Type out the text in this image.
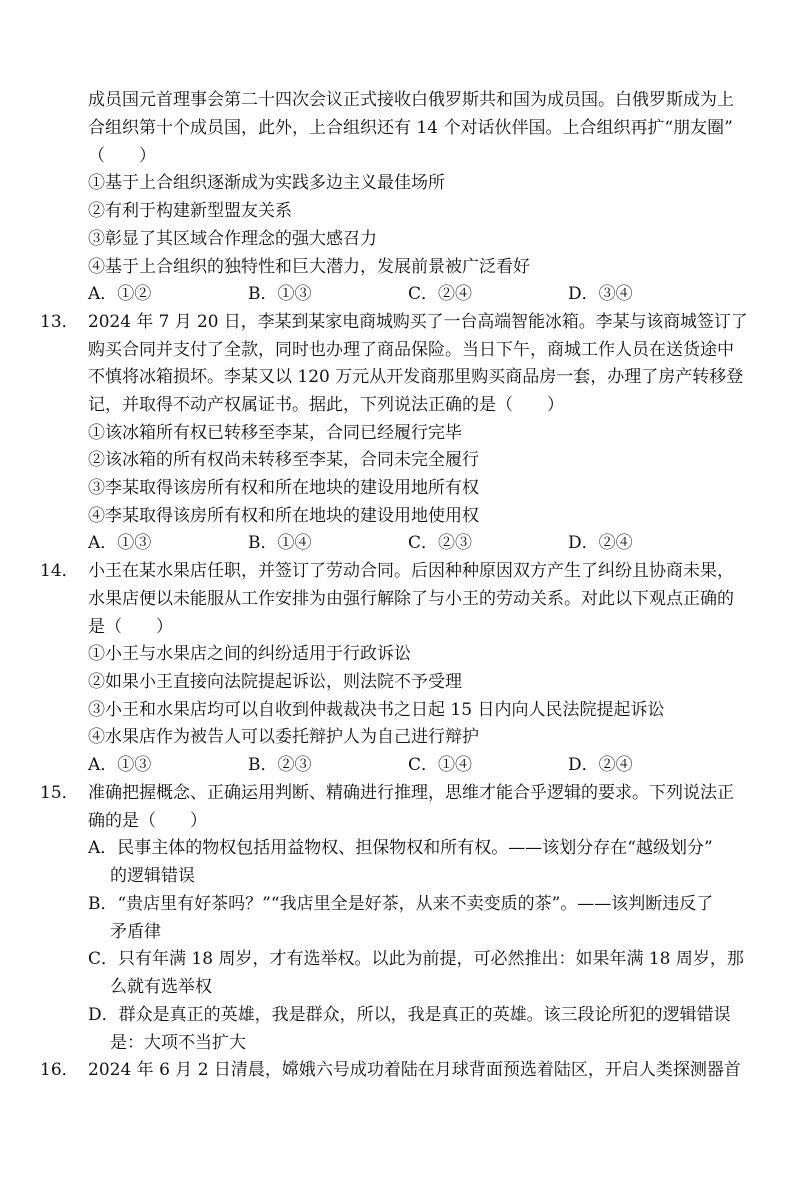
成员国元首理事会第二十四次会议正式接收白俄罗斯共和国为成员国。白俄罗斯成为上
合组织第十个成员国，此外，上合组织还有 14 个对话伙伴国。上合组织再扩“朋友圈”
（　　）
①基于上合组织逐渐成为实践多边主义最佳场所
②有利于构建新型盟友关系
③彰显了其区域合作理念的强大感召力
④基于上合组织的独特性和巨大潜力，发展前景被广泛看好
A．①②	B．①③	C．②④	D．③④
13． 2024 年 7 月 20 日，李某到某家电商城购买了一台高端智能冰箱。李某与该商城签订了
购买合同并支付了全款，同时也办理了商品保险。当日下午，商城工作人员在送货途中
不慎将冰箱损坏。李某又以 120 万元从开发商那里购买商品房一套，办理了房产转移登
记，并取得不动产权属证书。据此，下列说法正确的是（　　）
①该冰箱所有权已转移至李某，合同已经履行完毕
②该冰箱的所有权尚未转移至李某，合同未完全履行
③李某取得该房所有权和所在地块的建设用地所有权
④李某取得该房所有权和所在地块的建设用地使用权
A．①③	B．①④	C．②③	D．②④
14． 小王在某水果店任职，并签订了劳动合同。后因种种原因双方产生了纠纷且协商未果，
水果店便以未能服从工作安排为由强行解除了与小王的劳动关系。对此以下观点正确的
是（　　）
①小王与水果店之间的纠纷适用于行政诉讼
②如果小王直接向法院提起诉讼，则法院不予受理
③小王和水果店均可以自收到仲裁裁决书之日起 15 日内向人民法院提起诉讼
④水果店作为被告人可以委托辩护人为自己进行辩护
A．①③	B．②③	C．①④	D．②④
15． 准确把握概念、正确运用判断、精确进行推理，思维才能合乎逻辑的要求。下列说法正
确的是（　　）
A．民事主体的物权包括用益物权、担保物权和所有权。——该划分存在“越级划分”
的逻辑错误
B．“贵店里有好茶吗？”“我店里全是好茶，从来不卖变质的茶”。——该判断违反了
矛盾律
C．只有年满 18 周岁，才有选举权。以此为前提，可必然推出：如果年满 18 周岁，那
么就有选举权
D．群众是真正的英雄，我是群众，所以，我是真正的英雄。该三段论所犯的逻辑错误
是：大项不当扩大
16． 2024 年 6 月 2 日清晨，嫦娥六号成功着陆在月球背面预选着陆区，开启人类探测器首
